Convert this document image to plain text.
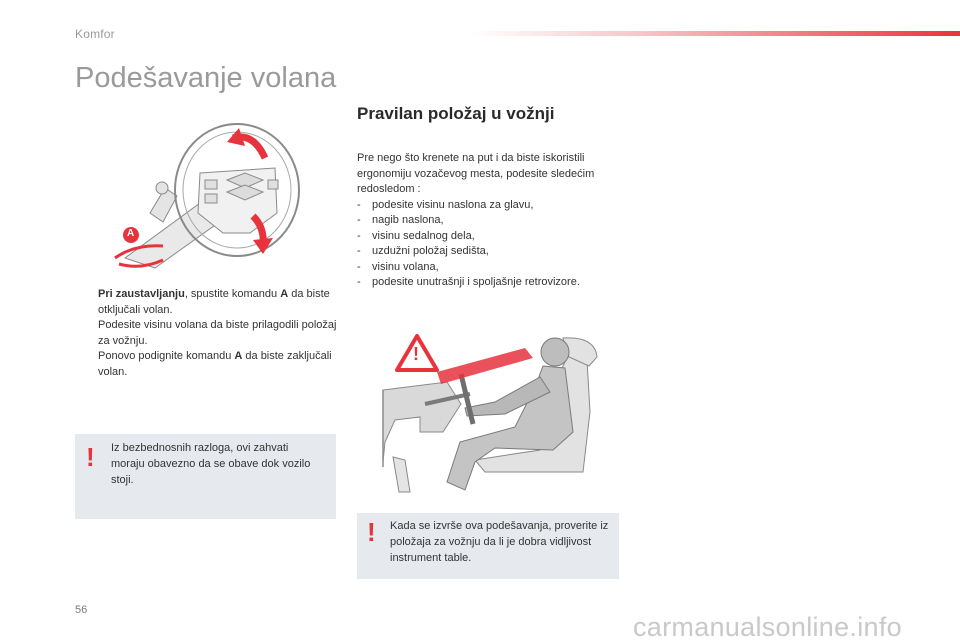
Komfor
Podešavanje volana
A
Pri zaustavljanju, spustite komandu A da biste otključali volan.
Podesite visinu volana da biste prilagodili položaj za vožnju.
Ponovo podignite komandu A da biste zaključali volan.
! Iz bezbednosnih razloga, ovi zahvati moraju obavezno da se obave dok vozilo stoji.
Pravilan položaj u vožnji
Pre nego što krenete na put i da biste iskoristili ergonomiju vozačevog mesta, podesite sledećim redosledom :
- podesite visinu naslona za glavu,
- nagib naslona,
- visinu sedalnog dela,
- uzdužni položaj sedišta,
- visinu volana,
- podesite unutrašnji i spoljašnje retrovizore.
!
! Kada se izvrše ova podešavanja, proverite iz položaja za vožnju da li je dobra vidljivost instrument table.
56
carmanualsonline.info
